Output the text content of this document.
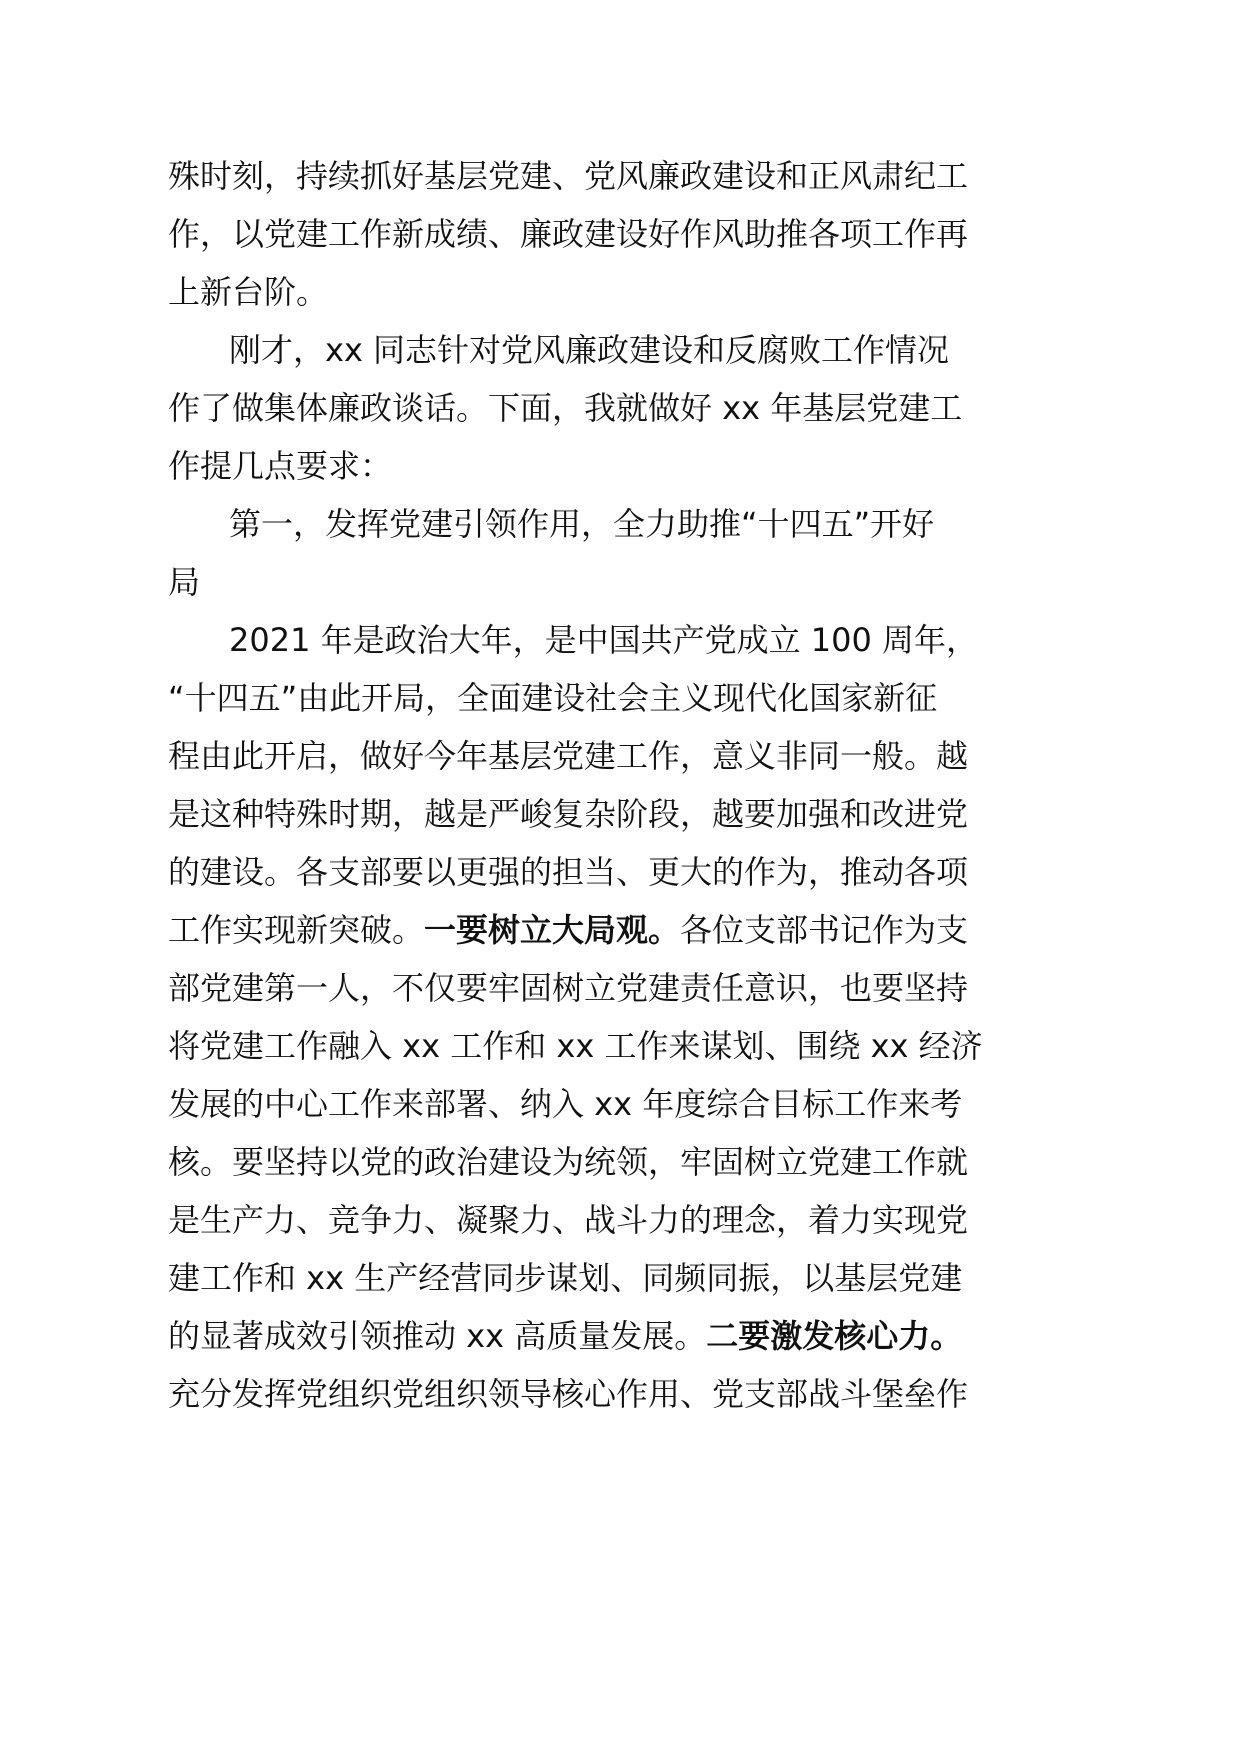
殊时刻，持续抓好基层党建、党风廉政建设和正风肃纪工
作，以党建工作新成绩、廉政建设好作风助推各项工作再
上新台阶。
刚才，xx 同志针对党风廉政建设和反腐败工作情况
作了做集体廉政谈话。下面，我就做好 xx 年基层党建工
作提几点要求：
第一，发挥党建引领作用，全力助推“十四五”开好
局
2021 年是政治大年，是中国共产党成立 100 周年，
“十四五”由此开局，全面建设社会主义现代化国家新征
程由此开启，做好今年基层党建工作，意义非同一般。越
是这种特殊时期，越是严峻复杂阶段，越要加强和改进党
的建设。各支部要以更强的担当、更大的作为，推动各项
工作实现新突破。一要树立大局观。各位支部书记作为支
部党建第一人，不仅要牢固树立党建责任意识，也要坚持
将党建工作融入 xx 工作和 xx 工作来谋划、围绕 xx 经济
发展的中心工作来部署、纳入 xx 年度综合目标工作来考
核。要坚持以党的政治建设为统领，牢固树立党建工作就
是生产力、竞争力、凝聚力、战斗力的理念，着力实现党
建工作和 xx 生产经营同步谋划、同频同振，以基层党建
的显著成效引领推动 xx 高质量发展。二要激发核心力。
充分发挥党组织党组织领导核心作用、党支部战斗堡垒作
